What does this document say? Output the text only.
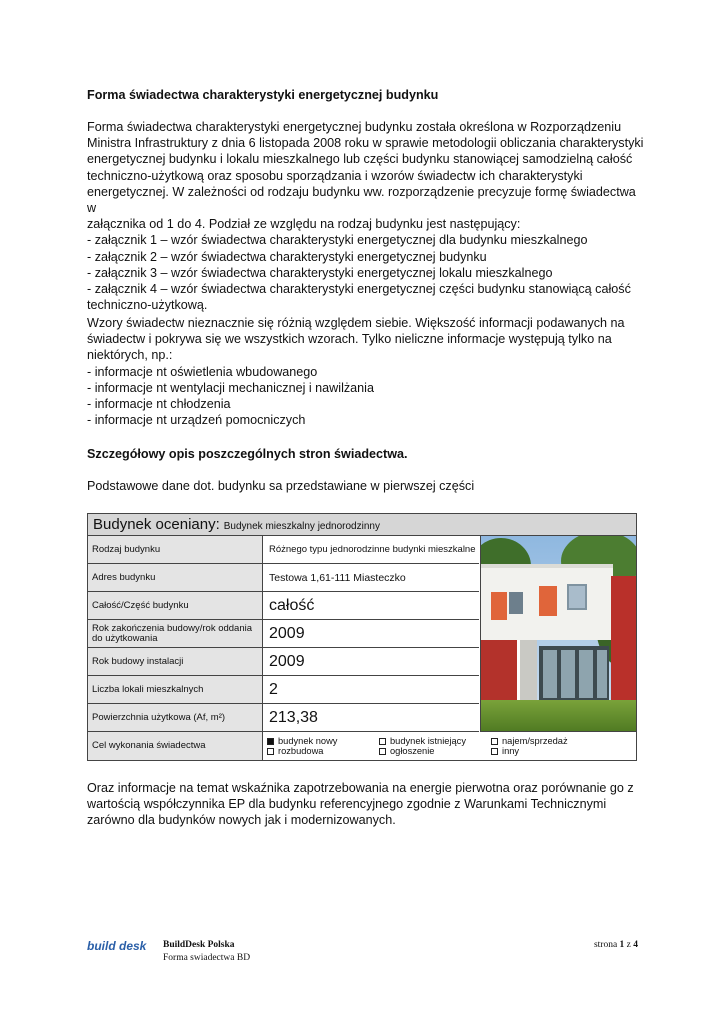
Forma świadectwa charakterystyki energetycznej budynku

Forma świadectwa charakterystyki energetycznej budynku została określona w Rozporządzeniu
Ministra Infrastruktury z dnia 6 listopada 2008 roku w sprawie metodologii obliczania charakterystyki
energetycznej budynku i lokalu mieszkalnego lub części budynku stanowiącej samodzielną całość
techniczno-użytkową oraz sposobu sporządzania i wzorów świadectw ich charakterystyki
energetycznej. W zależności od rodzaju budynku ww. rozporządzenie precyzuje formę świadectwa w
załącznika od 1 do 4. Podział ze względu na rodzaj budynku jest następujący:
- załącznik 1 – wzór świadectwa charakterystyki energetycznej dla budynku mieszkalnego
- załącznik 2 – wzór świadectwa charakterystyki energetycznej budynku
- załącznik 3 – wzór świadectwa charakterystyki energetycznej lokalu mieszkalnego
- załącznik 4 – wzór świadectwa charakterystyki energetycznej części budynku stanowiącą całość
techniczno-użytkową.
Wzory świadectw nieznacznie się różnią względem siebie. Większość informacji podawanych na
świadectw i pokrywa się we wszystkich wzorach. Tylko nieliczne informacje występują tylko na
niektórych, np.:
- informacje nt oświetlenia wbudowanego
- informacje nt wentylacji mechanicznej i nawilżania
- informacje nt chłodzenia
- informacje nt urządzeń pomocniczych

Szczegółowy opis poszczególnych stron świadectwa.

Podstawowe dane dot. budynku sa przedstawiane w pierwszej części

Budynek oceniany: Budynek mieszkalny jednorodzinny
Rodzaj budynku	Różnego typu jednorodzinne budynki mieszkalne
Adres budynku	Testowa 1,61-111 Miasteczko
Całość/Część budynku	całość
Rok zakończenia budowy/rok oddania do użytkowania	2009
Rok budowy instalacji	2009
Liczba lokali mieszkalnych	2
Powierzchnia użytkowa (Af, m²)	213,38
Cel wykonania świadectwa	budynek nowy	budynek istniejący	najem/sprzedaż
rozbudowa	ogłoszenie	inny
Oraz informacje na temat wskaźnika zapotrzebowania na energie pierwotna oraz porównanie go z
wartością współczynnika EP dla budynku referencyjnego zgodnie z Warunkami Technicznymi
zarówno dla budynków nowych jak i modernizowanych.
build desk BuildDesk Polska
Forma swiadectwa BD
strona 1 z 4
